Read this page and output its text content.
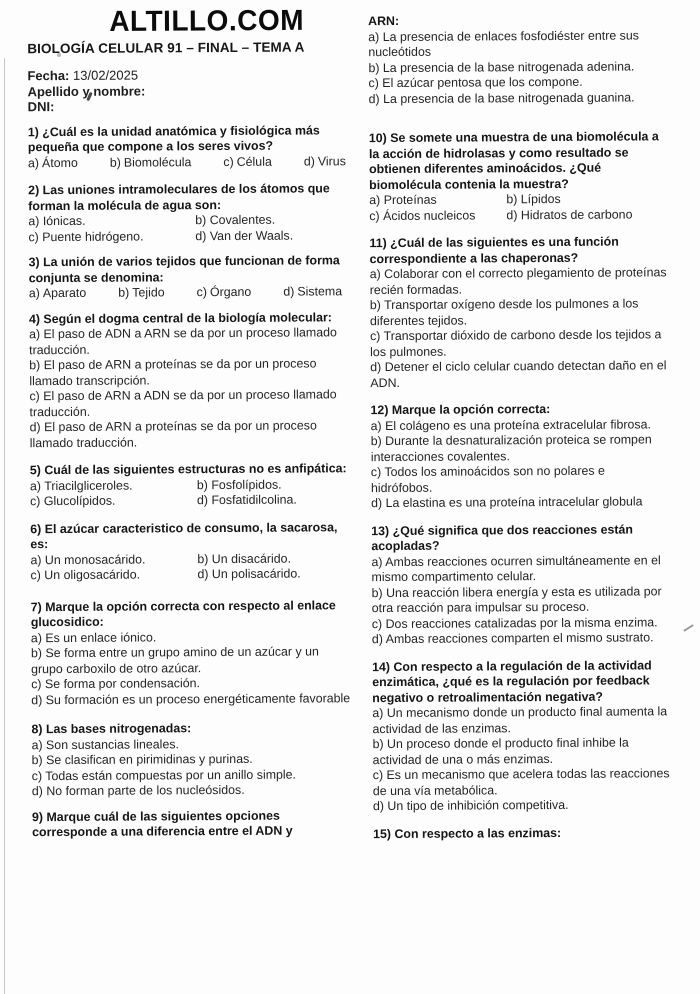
ALTILLO.COM
BIOLOGÍA CELULAR 91 – FINAL – TEMA A
Fecha: 13/02/2025
Apellido y nombre:
DNI:
1) ¿Cuál es la unidad anatómica y fisiológica más pequeña que compone a los seres vivos?
a) Átomo	b) Biomolécula	c) Célula	d) Virus
2) Las uniones intramoleculares de los átomos que forman la molécula de agua son:
a) Iónicas.	b) Covalentes.
c) Puente hidrógeno.	d) Van der Waals.
3) La unión de varios tejidos que funcionan de forma conjunta se denomina:
a) Aparato	b) Tejido	c) Órgano	d) Sistema
4) Según el dogma central de la biología molecular:
a) El paso de ADN a ARN se da por un proceso llamado traducción.
b) El paso de ARN a proteínas se da por un proceso llamado transcripción.
c) El paso de ARN a ADN se da por un proceso llamado traducción.
d) El paso de ARN a proteínas se da por un proceso llamado traducción.
5) Cuál de las siguientes estructuras no es anfipática:
a) Triacilgliceroles.	b) Fosfolípidos.
c) Glucolípidos.	d) Fosfatidilcolina.
6) El azúcar caracteristico de consumo, la sacarosa, es:
a) Un monosacárido.	b) Un disacárido.
c) Un oligosacárido.	d) Un polisacárido.
7) Marque la opción correcta con respecto al enlace glucosidico:
a) Es un enlace iónico.
b) Se forma entre un grupo amino de un azúcar y un grupo carboxilo de otro azúcar.
c) Se forma por condensación.
d) Su formación es un proceso energéticamente favorable
8) Las bases nitrogenadas:
a) Son sustancias lineales.
b) Se clasifican en pirimidinas y purinas.
c) Todas están compuestas por un anillo simple.
d) No forman parte de los nucleósidos.
9) Marque cuál de las siguientes opciones corresponde a una diferencia entre el ADN y
ARN:
a) La presencia de enlaces fosfodiéster entre sus nucleótidos
b) La presencia de la base nitrogenada adenina.
c) El azúcar pentosa que los compone.
d) La presencia de la base nitrogenada guanina.
10) Se somete una muestra de una biomolécula a la acción de hidrolasas y como resultado se obtienen diferentes aminoácidos. ¿Qué biomolécula contenia la muestra?
a) Proteínas	b) Lípidos
c) Ácidos nucleicos	d) Hidratos de carbono
11) ¿Cuál de las siguientes es una función correspondiente a las chaperonas?
a) Colaborar con el correcto plegamiento de proteínas recién formadas.
b) Transportar oxígeno desde los pulmones a los diferentes tejidos.
c) Transportar dióxido de carbono desde los tejidos a los pulmones.
d) Detener el ciclo celular cuando detectan daño en el ADN.
12) Marque la opción correcta:
a) El colágeno es una proteína extracelular fibrosa.
b) Durante la desnaturalización proteica se rompen interacciones covalentes.
c) Todos los aminoácidos son no polares e hidrófobos.
d) La elastina es una proteína intracelular globula
13) ¿Qué significa que dos reacciones están acopladas?
a) Ambas reacciones ocurren simultáneamente en el mismo compartimento celular.
b) Una reacción libera energía y esta es utilizada por otra reacción para impulsar su proceso.
c) Dos reacciones catalizadas por la misma enzima.
d) Ambas reacciones comparten el mismo sustrato.
14) Con respecto a la regulación de la actividad enzimática, ¿qué es la regulación por feedback negativo o retroalimentación negativa?
a) Un mecanismo donde un producto final aumenta la actividad de las enzimas.
b) Un proceso donde el producto final inhibe la actividad de una o más enzimas.
c) Es un mecanismo que acelera todas las reacciones de una vía metabólica.
d) Un tipo de inhibición competitiva.
15) Con respecto a las enzimas:
